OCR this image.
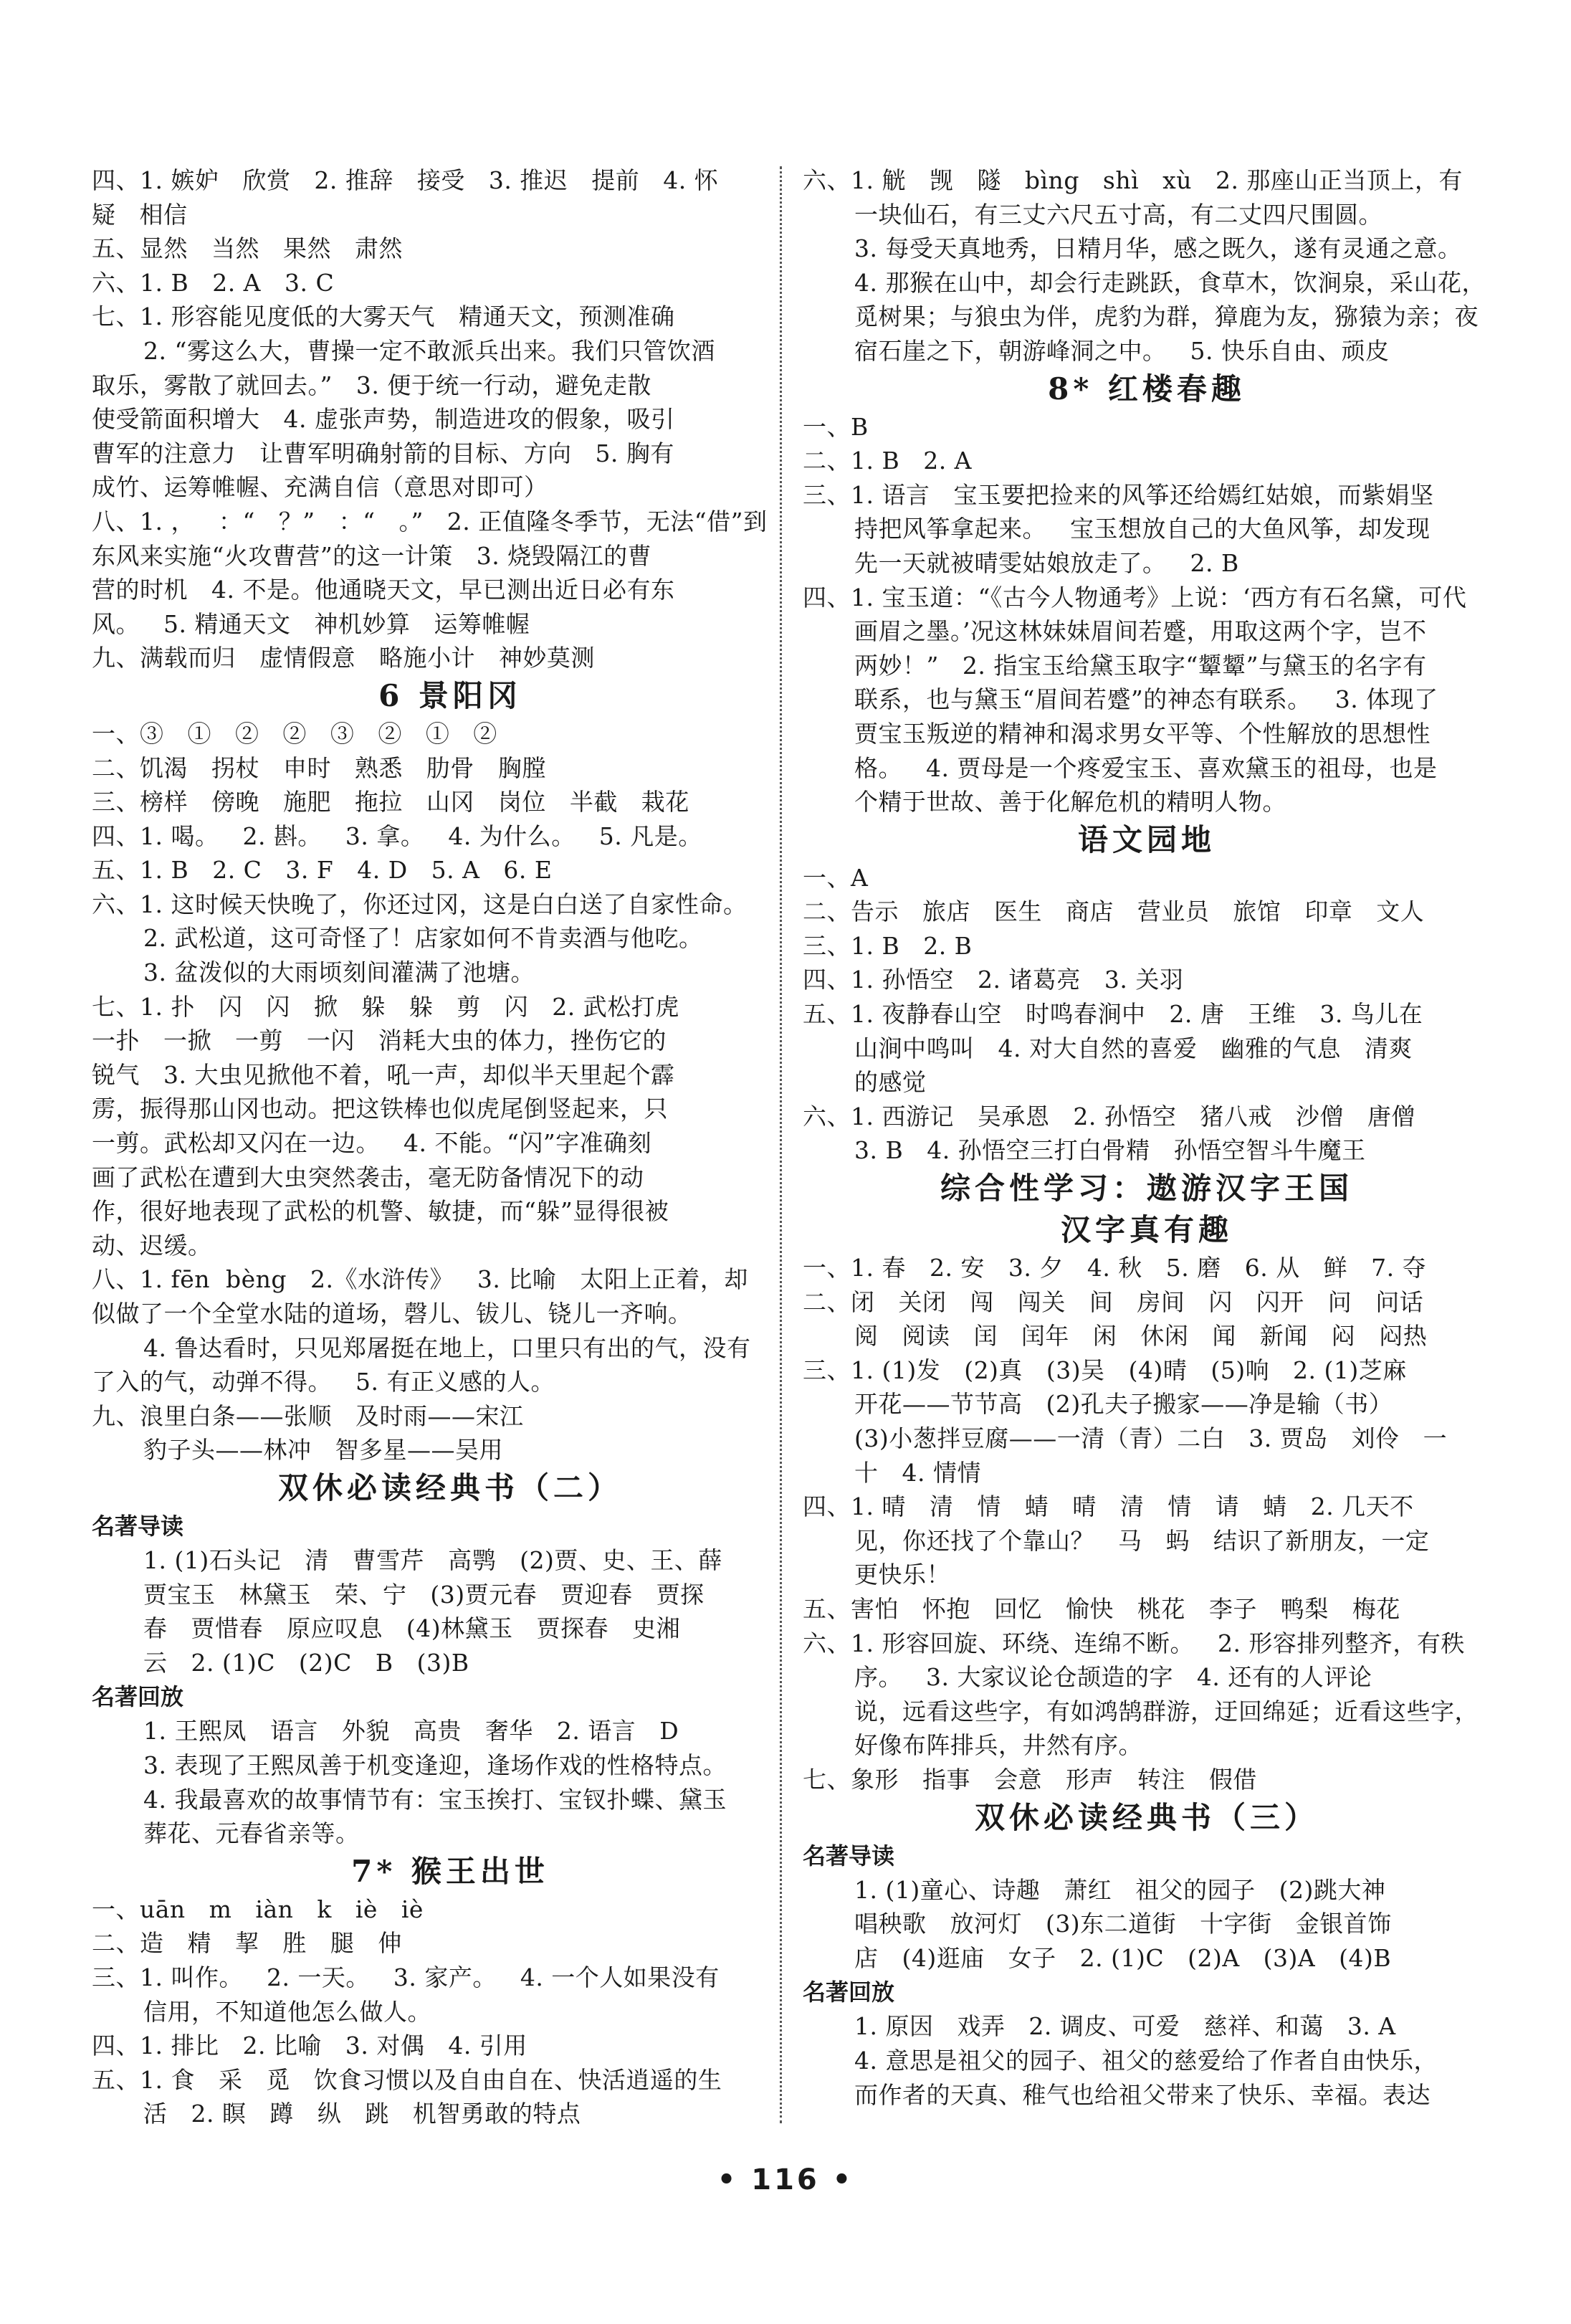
四、1. 嫉妒   欣赏   2. 推辞   接受   3. 推迟   提前   4. 怀
疑   相信
五、显然   当然   果然   肃然
六、1. B   2. A   3. C
七、1. 形容能见度低的大雾天气   精通天文，预测准确
2. “雾这么大，曹操一定不敢派兵出来。我们只管饮酒
取乐，雾散了就回去。”   3. 便于统一行动，避免走散
使受箭面积增大   4. 虚张声势，制造进攻的假象，吸引
曹军的注意力   让曹军明确射箭的目标、方向   5. 胸有
成竹、运筹帷幄、充满自信（意思对即可）
八、1. ，   ：“   ？”   ：“   。”   2. 正值隆冬季节，无法“借”到
东风来实施“火攻曹营”的这一计策   3. 烧毁隔江的曹
营的时机   4. 不是。他通晓天文，早已测出近日必有东
风。   5. 精通天文   神机妙算   运筹帷幄
九、满载而归   虚情假意   略施小计   神妙莫测
6 景阳冈
一、③   ①   ②   ②   ③   ②   ①   ②
二、饥渴   拐杖   申时   熟悉   肋骨   胸膛
三、榜样   傍晚   施肥   拖拉   山冈   岗位   半截   栽花
四、1. 喝。   2. 斟。   3. 拿。   4. 为什么。   5. 凡是。
五、1. B   2. C   3. F   4. D   5. A   6. E
六、1. 这时候天快晚了，你还过冈，这是白白送了自家性命。
2. 武松道，这可奇怪了！店家如何不肯卖酒与他吃。
3. 盆泼似的大雨顷刻间灌满了池塘。
七、1. 扑   闪   闪   掀   躲   躲   剪   闪   2. 武松打虎
一扑   一掀   一剪   一闪   消耗大虫的体力，挫伤它的
锐气   3. 大虫见掀他不着，吼一声，却似半天里起个霹
雳，振得那山冈也动。把这铁棒也似虎尾倒竖起来，只
一剪。武松却又闪在一边。   4. 不能。“闪”字准确刻
画了武松在遭到大虫突然袭击，毫无防备情况下的动
作，很好地表现了武松的机警、敏捷，而“躲”显得很被
动、迟缓。
八、1. fēn  bèng   2.《水浒传》   3. 比喻   太阳上正着，却
似做了一个全堂水陆的道场，磬儿、钹儿、铙儿一齐响。
4. 鲁达看时，只见郑屠挺在地上，口里只有出的气，没有
了入的气，动弹不得。   5. 有正义感的人。
九、浪里白条——张顺   及时雨——宋江
豹子头——林冲   智多星——吴用
双休必读经典书（二）
名著导读
1. (1)石头记   清   曹雪芹   高鹗   (2)贾、史、王、薛
贾宝玉   林黛玉   荣、宁   (3)贾元春   贾迎春   贾探
春   贾惜春   原应叹息   (4)林黛玉   贾探春   史湘
云   2. (1)C   (2)C   B   (3)B
名著回放
1. 王熙凤   语言   外貌   高贵   奢华   2. 语言   D
3. 表现了王熙凤善于机变逢迎，逢场作戏的性格特点。
4. 我最喜欢的故事情节有：宝玉挨打、宝钗扑蝶、黛玉
葬花、元春省亲等。
7* 猴王出世
一、uān   m   iàn   k   iè   iè
二、造   精   挈   胜   腿   伸
三、1. 叫作。   2. 一天。   3. 家产。   4. 一个人如果没有
信用，不知道他怎么做人。
四、1. 排比   2. 比喻   3. 对偶   4. 引用
五、1. 食   采   觅   饮食习惯以及自由自在、快活逍遥的生
活   2. 瞑   蹲   纵   跳   机智勇敢的特点
六、1. 觥   觊   隧   bìng   shì   xù   2. 那座山正当顶上，有
一块仙石，有三丈六尺五寸高，有二丈四尺围圆。
3. 每受天真地秀，日精月华，感之既久，遂有灵通之意。
4. 那猴在山中，却会行走跳跃，食草木，饮涧泉，采山花，
觅树果；与狼虫为伴，虎豹为群，獐鹿为友，猕猿为亲；夜
宿石崖之下，朝游峰洞之中。   5. 快乐自由、顽皮
8* 红楼春趣
一、B
二、1. B   2. A
三、1. 语言   宝玉要把捡来的风筝还给嫣红姑娘，而紫娟坚
持把风筝拿起来。   宝玉想放自己的大鱼风筝，却发现
先一天就被晴雯姑娘放走了。   2. B
四、1. 宝玉道：“《古今人物通考》上说：‘西方有石名黛，可代
画眉之墨。’况这林妹妹眉间若蹙，用取这两个字，岂不
两妙！”   2. 指宝玉给黛玉取字“颦颦”与黛玉的名字有
联系，也与黛玉“眉间若蹙”的神态有联系。   3. 体现了
贾宝玉叛逆的精神和渴求男女平等、个性解放的思想性
格。   4. 贾母是一个疼爱宝玉、喜欢黛玉的祖母，也是
个精于世故、善于化解危机的精明人物。
语文园地
一、A
二、告示   旅店   医生   商店   营业员   旅馆   印章   文人
三、1. B   2. B
四、1. 孙悟空   2. 诸葛亮   3. 关羽
五、1. 夜静春山空   时鸣春涧中   2. 唐   王维   3. 鸟儿在
山涧中鸣叫   4. 对大自然的喜爱   幽雅的气息   清爽
的感觉
六、1. 西游记   吴承恩   2. 孙悟空   猪八戒   沙僧   唐僧
3. B   4. 孙悟空三打白骨精   孙悟空智斗牛魔王
综合性学习：遨游汉字王国
汉字真有趣
一、1. 春   2. 安   3. 夕   4. 秋   5. 磨   6. 从   鲜   7. 夺
二、闭   关闭   闯   闯关   间   房间   闪   闪开   问   问话
阅   阅读   闰   闰年   闲   休闲   闻   新闻   闷   闷热
三、1. (1)发   (2)真   (3)吴   (4)晴   (5)响   2. (1)芝麻
开花——节节高   (2)孔夫子搬家——净是输（书）
(3)小葱拌豆腐——一清（青）二白   3. 贾岛   刘伶   一
十   4. 情情
四、1. 晴   清   情   蜻   晴   清   情   请   蜻   2. 几天不
见，你还找了个靠山？   马   蚂   结识了新朋友，一定
更快乐！
五、害怕   怀抱   回忆   愉快   桃花   李子   鸭梨   梅花
六、1. 形容回旋、环绕、连绵不断。   2. 形容排列整齐，有秩
序。   3. 大家议论仓颉造的字   4. 还有的人评论
说，远看这些字，有如鸿鹄群游，迂回绵延；近看这些字，
好像布阵排兵，井然有序。
七、象形   指事   会意   形声   转注   假借
双休必读经典书（三）
名著导读
1. (1)童心、诗趣   萧红   祖父的园子   (2)跳大神
唱秧歌   放河灯   (3)东二道街   十字街   金银首饰
店   (4)逛庙   女子   2. (1)C   (2)A   (3)A   (4)B
名著回放
1. 原因   戏弄   2. 调皮、可爱   慈祥、和蔼   3. A
4. 意思是祖父的园子、祖父的慈爱给了作者自由快乐，
而作者的天真、稚气也给祖父带来了快乐、幸福。表达
• 116 •
